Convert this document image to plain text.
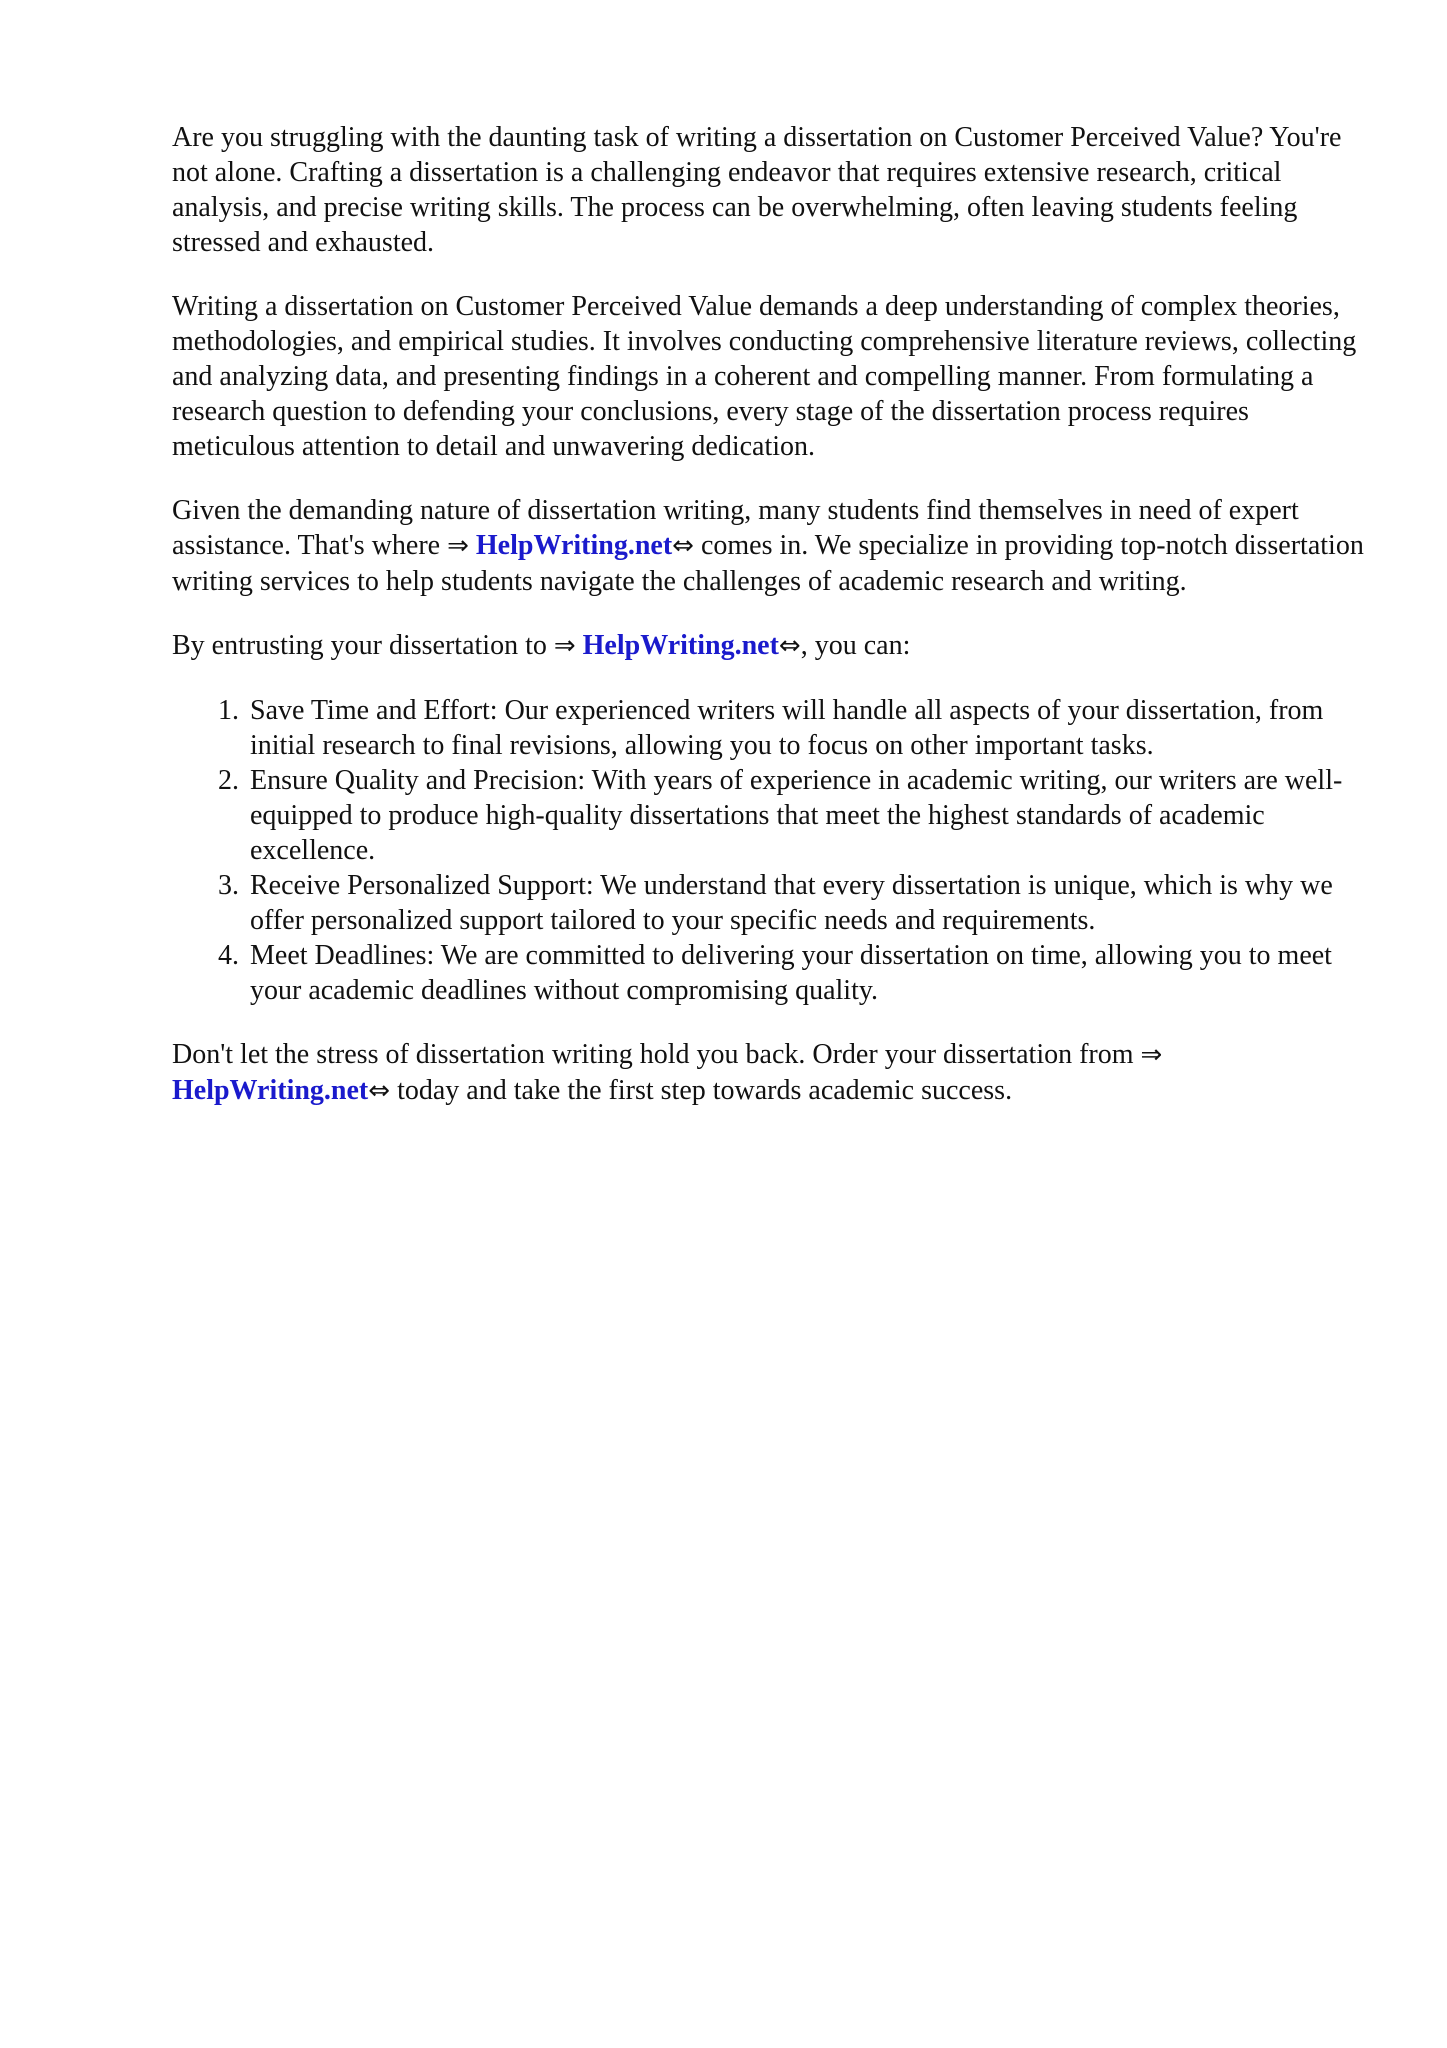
Are you struggling with the daunting task of writing a dissertation on Customer Perceived Value? You're not alone. Crafting a dissertation is a challenging endeavor that requires extensive research, critical analysis, and precise writing skills. The process can be overwhelming, often leaving students feeling stressed and exhausted.

Writing a dissertation on Customer Perceived Value demands a deep understanding of complex theories, methodologies, and empirical studies. It involves conducting comprehensive literature reviews, collecting and analyzing data, and presenting findings in a coherent and compelling manner. From formulating a research question to defending your conclusions, every stage of the dissertation process requires meticulous attention to detail and unwavering dedication.

Given the demanding nature of dissertation writing, many students find themselves in need of expert assistance. That's where ⇒ HelpWriting.net⇔ comes in. We specialize in providing top-notch dissertation writing services to help students navigate the challenges of academic research and writing.

By entrusting your dissertation to ⇒ HelpWriting.net⇔, you can:

1. Save Time and Effort: Our experienced writers will handle all aspects of your dissertation, from initial research to final revisions, allowing you to focus on other important tasks.
2. Ensure Quality and Precision: With years of experience in academic writing, our writers are well-equipped to produce high-quality dissertations that meet the highest standards of academic excellence.
3. Receive Personalized Support: We understand that every dissertation is unique, which is why we offer personalized support tailored to your specific needs and requirements.
4. Meet Deadlines: We are committed to delivering your dissertation on time, allowing you to meet your academic deadlines without compromising quality.

Don't let the stress of dissertation writing hold you back. Order your dissertation from ⇒ HelpWriting.net⇔ today and take the first step towards academic success.
